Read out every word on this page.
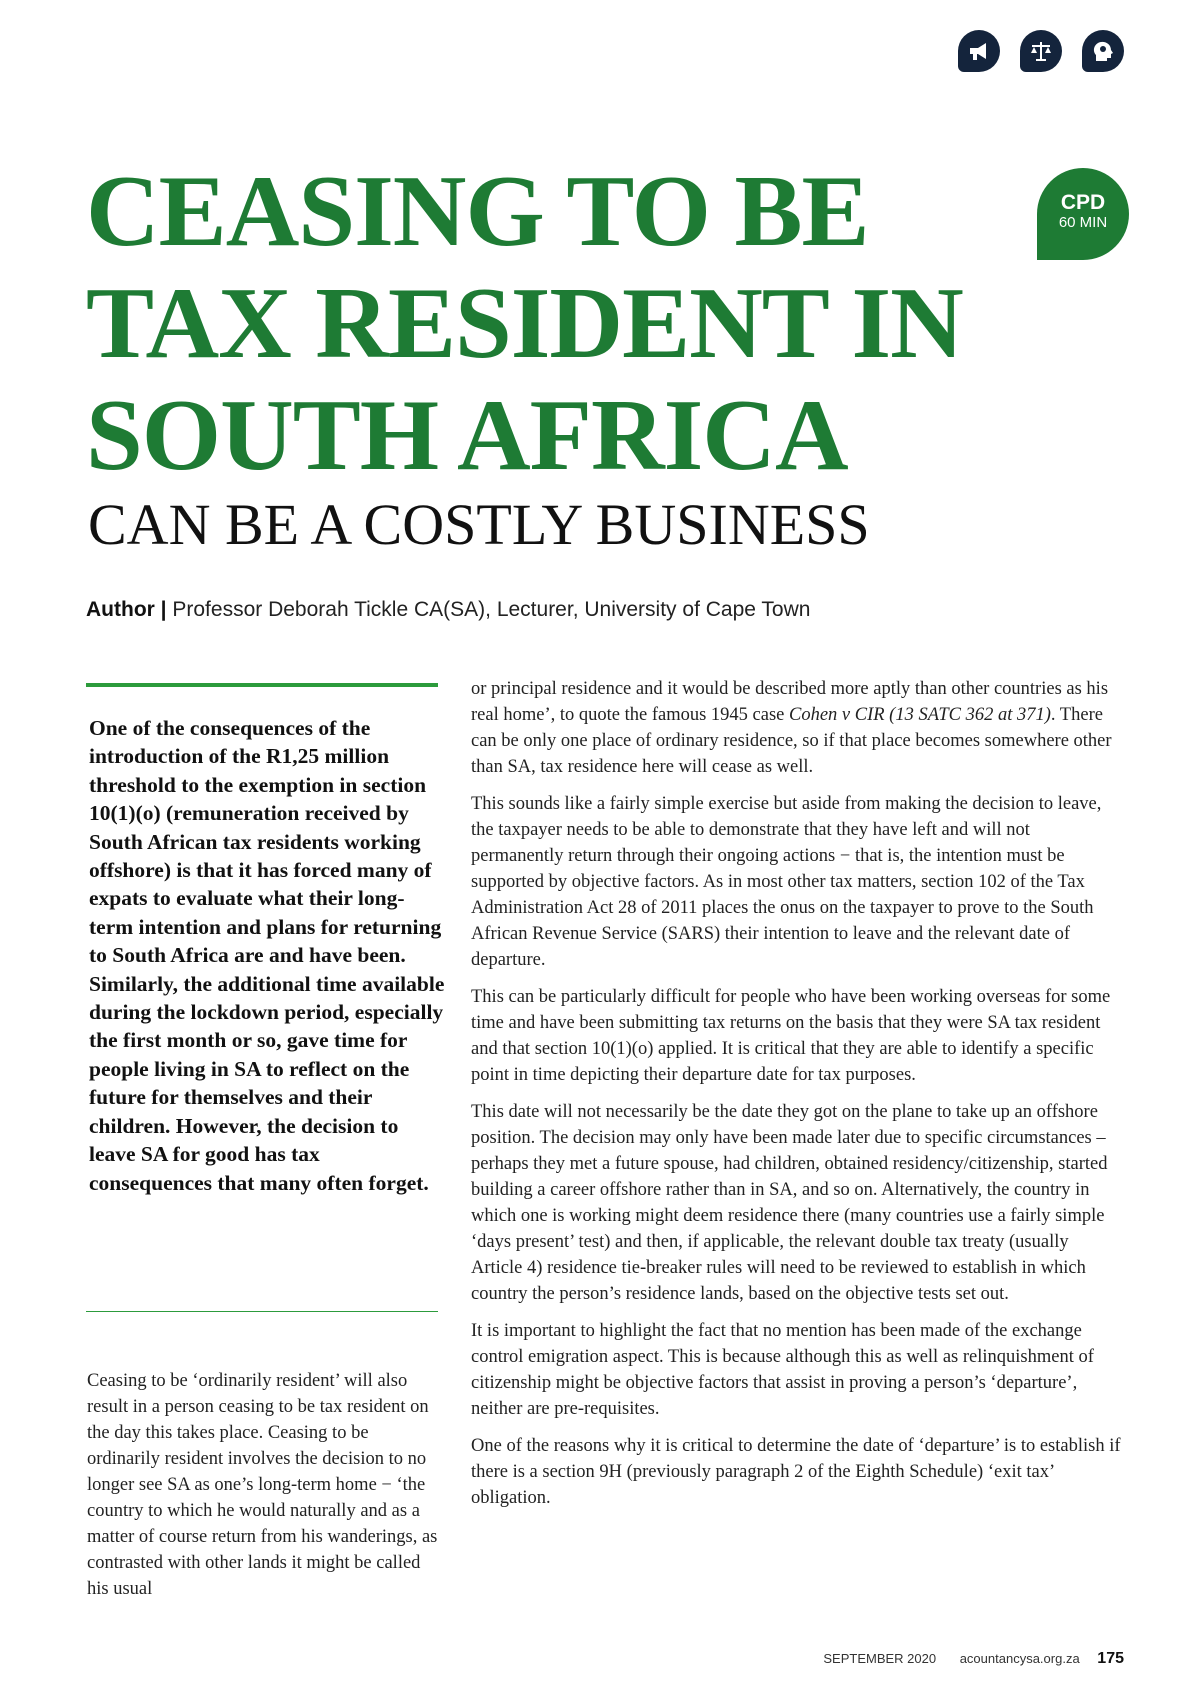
CPD
60 MIN
CEASING TO BE
TAX RESIDENT IN
SOUTH AFRICA
CAN BE A COSTLY BUSINESS
Author | Professor Deborah Tickle CA(SA), Lecturer, University of Cape Town

One of the consequences of the introduction of the R1,25 million threshold to the exemption in section 10(1)(o) (remuneration received by South African tax residents working offshore) is that it has forced many of expats to evaluate what their long-term intention and plans for returning to South Africa are and have been. Similarly, the additional time available during the lockdown period, especially the first month or so, gave time for people living in SA to reflect on the future for themselves and their children. However, the decision to leave SA for good has tax consequences that many often forget.

Ceasing to be ‘ordinarily resident’ will also result in a person ceasing to be tax resident on the day this takes place. Ceasing to be ordinarily resident involves the decision to no longer see SA as one’s long-term home − ‘the country to which he would naturally and as a matter of course return from his wanderings, as contrasted with other lands it might be called his usual

or principal residence and it would be described more aptly than other countries as his real home’, to quote the famous 1945 case Cohen v CIR (13 SATC 362 at 371). There can be only one place of ordinary residence, so if that place becomes somewhere other than SA, tax residence here will cease as well.

This sounds like a fairly simple exercise but aside from making the decision to leave, the taxpayer needs to be able to demonstrate that they have left and will not permanently return through their ongoing actions − that is, the intention must be supported by objective factors. As in most other tax matters, section 102 of the Tax Administration Act 28 of 2011 places the onus on the taxpayer to prove to the South African Revenue Service (SARS) their intention to leave and the relevant date of departure.

This can be particularly difficult for people who have been working overseas for some time and have been submitting tax returns on the basis that they were SA tax resident and that section 10(1)(o) applied. It is critical that they are able to identify a specific point in time depicting their departure date for tax purposes.

This date will not necessarily be the date they got on the plane to take up an offshore position. The decision may only have been made later due to specific circumstances – perhaps they met a future spouse, had children, obtained residency/citizenship, started building a career offshore rather than in SA, and so on. Alternatively, the country in which one is working might deem residence there (many countries use a fairly simple ‘days present’ test) and then, if applicable, the relevant double tax treaty (usually Article 4) residence tie-breaker rules will need to be reviewed to establish in which country the person’s residence lands, based on the objective tests set out.

It is important to highlight the fact that no mention has been made of the exchange control emigration aspect. This is because although this as well as relinquishment of citizenship might be objective factors that assist in proving a person’s ‘departure’, neither are pre-requisites.

One of the reasons why it is critical to determine the date of ‘departure’ is to establish if there is a section 9H (previously paragraph 2 of the Eighth Schedule) ‘exit tax’ obligation.

SEPTEMBER 2020 acountancysa.org.za 175
